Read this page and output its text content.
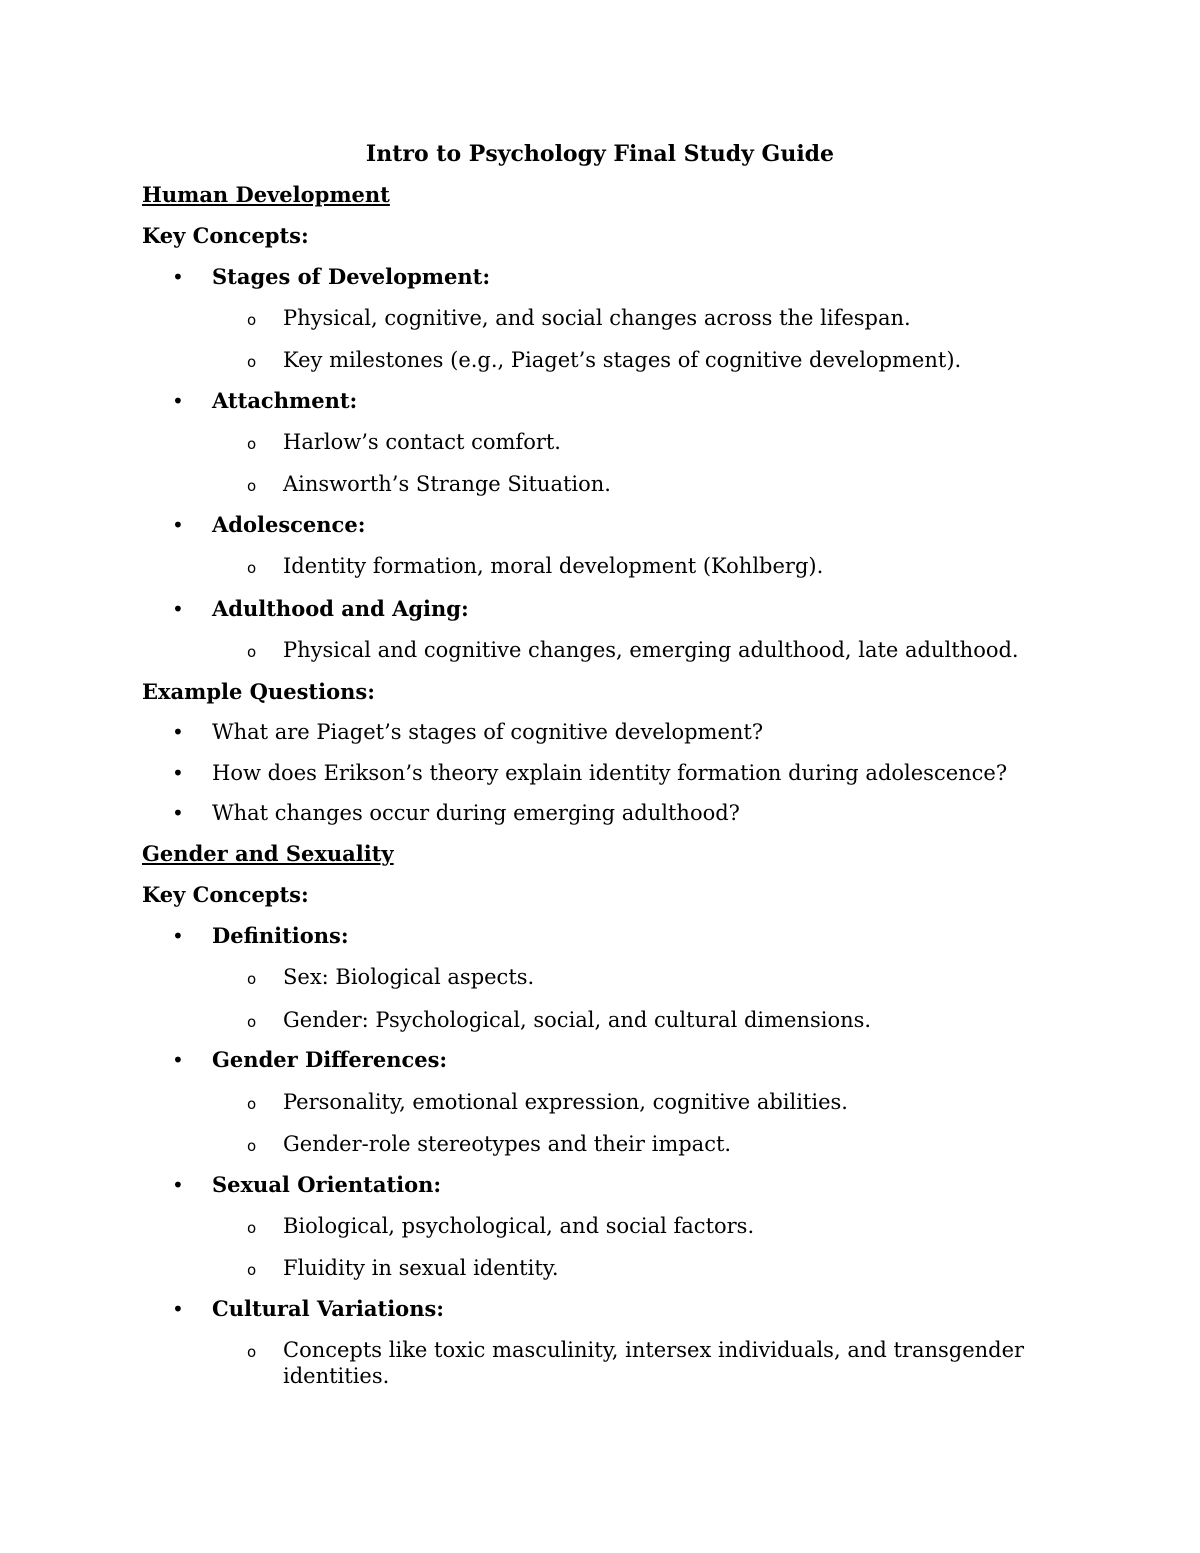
Intro to Psychology Final Study Guide
Human Development
Key Concepts:
• Stages of Development:
o Physical, cognitive, and social changes across the lifespan.
o Key milestones (e.g., Piaget’s stages of cognitive development).
• Attachment:
o Harlow’s contact comfort.
o Ainsworth’s Strange Situation.
• Adolescence:
o Identity formation, moral development (Kohlberg).
• Adulthood and Aging:
o Physical and cognitive changes, emerging adulthood, late adulthood.
Example Questions:
• What are Piaget’s stages of cognitive development?
• How does Erikson’s theory explain identity formation during adolescence?
• What changes occur during emerging adulthood?
Gender and Sexuality
Key Concepts:
• Definitions:
o Sex: Biological aspects.
o Gender: Psychological, social, and cultural dimensions.
• Gender Differences:
o Personality, emotional expression, cognitive abilities.
o Gender-role stereotypes and their impact.
• Sexual Orientation:
o Biological, psychological, and social factors.
o Fluidity in sexual identity.
• Cultural Variations:
o Concepts like toxic masculinity, intersex individuals, and transgender identities.
